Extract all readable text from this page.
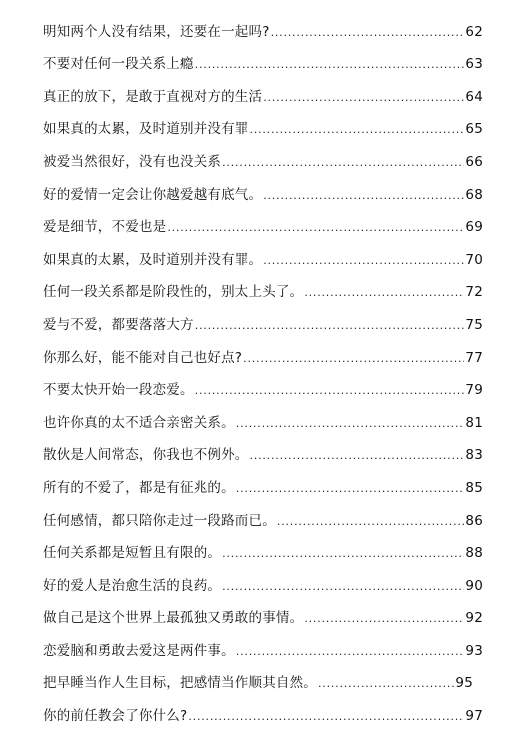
明知两个人没有结果，还要在一起吗? .....	62
不要对任何一段关系上瘾 .....	63
真正的放下，是敢于直视对方的生活 .....	64
如果真的太累，及时道别并没有罪 .....	65
被爱当然很好，没有也没关系 .....	66
好的爱情一定会让你越爱越有底气。 .....	68
爱是细节，不爱也是 .....	69
如果真的太累，及时道别并没有罪。 .....	70
任何一段关系都是阶段性的，别太上头了。 .....	72
爱与不爱，都要落落大方 .....	75
你那么好，能不能对自己也好点? .....	77
不要太快开始一段恋爱。 .....	79
也许你真的太不适合亲密关系。 .....	81
散伙是人间常态，你我也不例外。 .....	83
所有的不爱了，都是有征兆的。 .....	85
任何感情，都只陪你走过一段路而已。 .....	86
任何关系都是短暂且有限的。 .....	88
好的爱人是治愈生活的良药。 .....	90
做自己是这个世界上最孤独又勇敢的事情。 .....	92
恋爱脑和勇敢去爱这是两件事。 .....	93
把早睡当作人生目标，把感情当作顺其自然。 .....	95
你的前任教会了你什么? .....	97
